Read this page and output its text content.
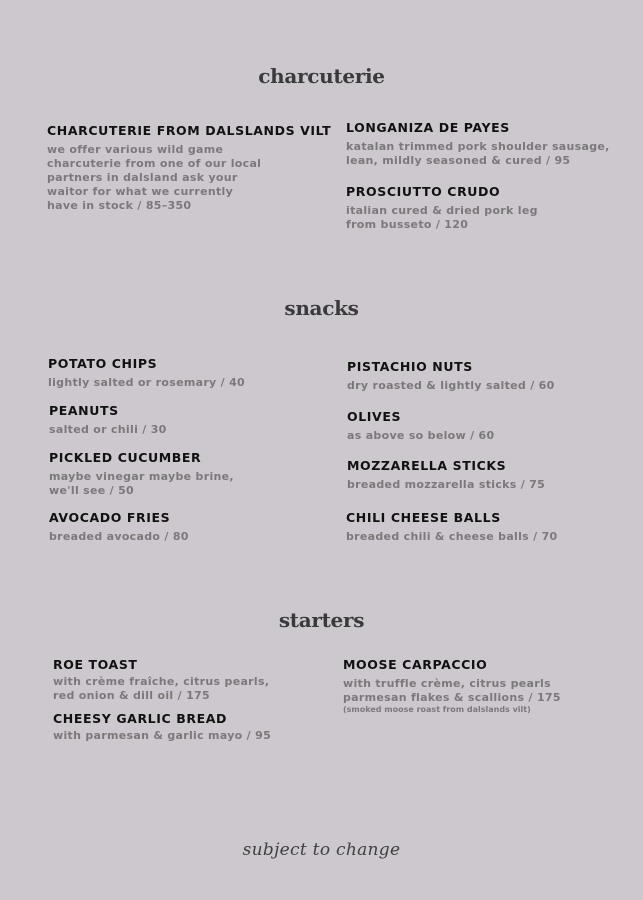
charcuterie
CHARCUTERIE FROM DALSLANDS VILT
we offer various wild game
charcuterie from one of our local
partners in dalsland ask your
waitor for what we currently
have in stock / 85–350
LONGANIZA DE PAYES
katalan trimmed pork shoulder sausage,
lean, mildly seasoned & cured / 95
PROSCIUTTO CRUDO
italian cured & dried pork leg
from busseto / 120
snacks
POTATO CHIPS
lightly salted or rosemary / 40
PEANUTS
salted or chili / 30
PICKLED CUCUMBER
maybe vinegar maybe brine,
we'll see / 50
AVOCADO FRIES
breaded avocado / 80
PISTACHIO NUTS
dry roasted & lightly salted / 60
OLIVES
as above so below / 60
MOZZARELLA STICKS
breaded mozzarella sticks / 75
CHILI CHEESE BALLS
breaded chili & cheese balls / 70
starters
ROE TOAST
with crème fraîche, citrus pearls,
red onion & dill oil / 175
CHEESY GARLIC BREAD
with parmesan & garlic mayo / 95
MOOSE CARPACCIO
with truffle crème, citrus pearls
parmesan flakes & scallions / 175
(smoked moose roast from dalslands vilt)
subject to change
